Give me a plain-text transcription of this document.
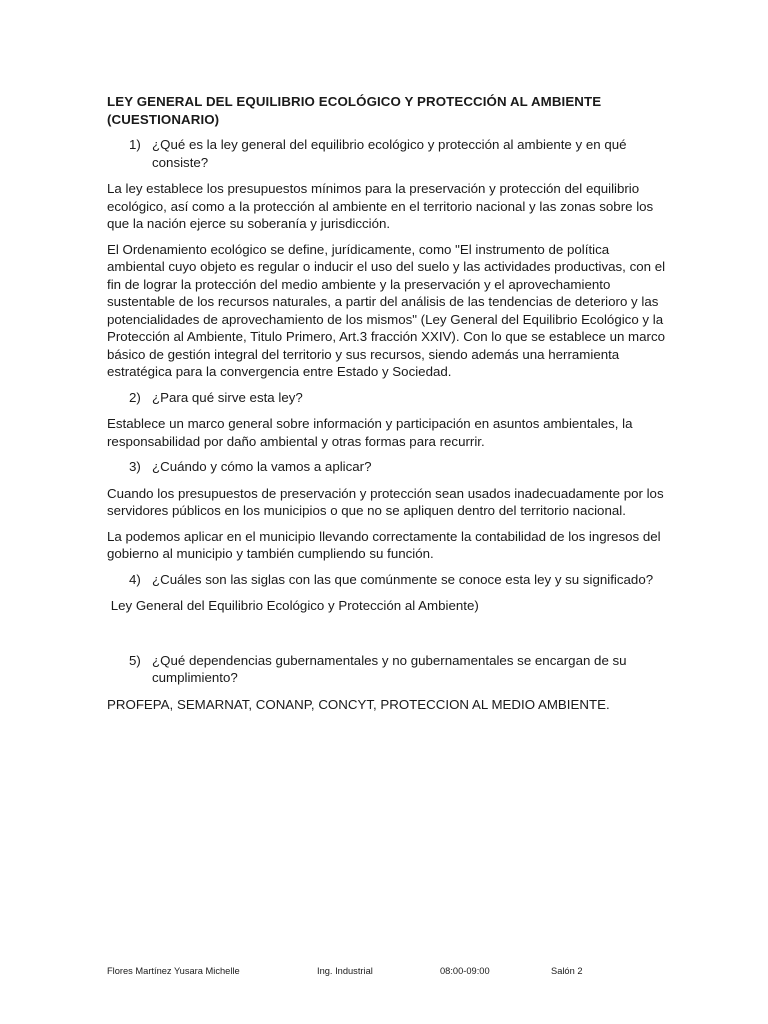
LEY GENERAL DEL EQUILIBRIO ECOLÓGICO Y PROTECCIÓN AL AMBIENTE (CUESTIONARIO)
1) ¿Qué es la ley general del equilibrio ecológico y protección al ambiente y en qué consiste?
La ley establece los presupuestos mínimos para la preservación y protección del equilibrio ecológico, así como a la protección al ambiente en el territorio nacional y las zonas sobre los que la nación ejerce su soberanía y jurisdicción.
El Ordenamiento ecológico se define, jurídicamente, como "El instrumento de política ambiental cuyo objeto es regular o inducir el uso del suelo y las actividades productivas, con el fin de lograr la protección del medio ambiente y la preservación y el aprovechamiento sustentable de los recursos naturales, a partir del análisis de las tendencias de deterioro y las potencialidades de aprovechamiento de los mismos" (Ley General del Equilibrio Ecológico y la Protección al Ambiente, Titulo Primero, Art.3 fracción XXIV). Con lo que se establece un marco básico de gestión integral del territorio y sus recursos, siendo además una herramienta estratégica para la convergencia entre Estado y Sociedad.
2) ¿Para qué sirve esta ley?
Establece un marco general sobre información y participación en asuntos ambientales, la responsabilidad por daño ambiental y otras formas para recurrir.
3) ¿Cuándo y cómo la vamos a aplicar?
Cuando los presupuestos de preservación y protección sean usados inadecuadamente por los servidores públicos en los municipios o que no se apliquen dentro del territorio nacional.
La podemos aplicar en el municipio llevando correctamente la contabilidad de los ingresos del gobierno al municipio y también cumpliendo su función.
4) ¿Cuáles son las siglas con las que comúnmente se conoce esta ley y su significado?
Ley General del Equilibrio Ecológico y Protección al Ambiente)
5) ¿Qué dependencias gubernamentales y no gubernamentales se encargan de su cumplimiento?
PROFEPA, SEMARNAT, CONANP, CONCYT, PROTECCION AL MEDIO AMBIENTE.
Flores Martínez Yusara Michelle	Ing. Industrial	08:00-09:00	Salón 2
